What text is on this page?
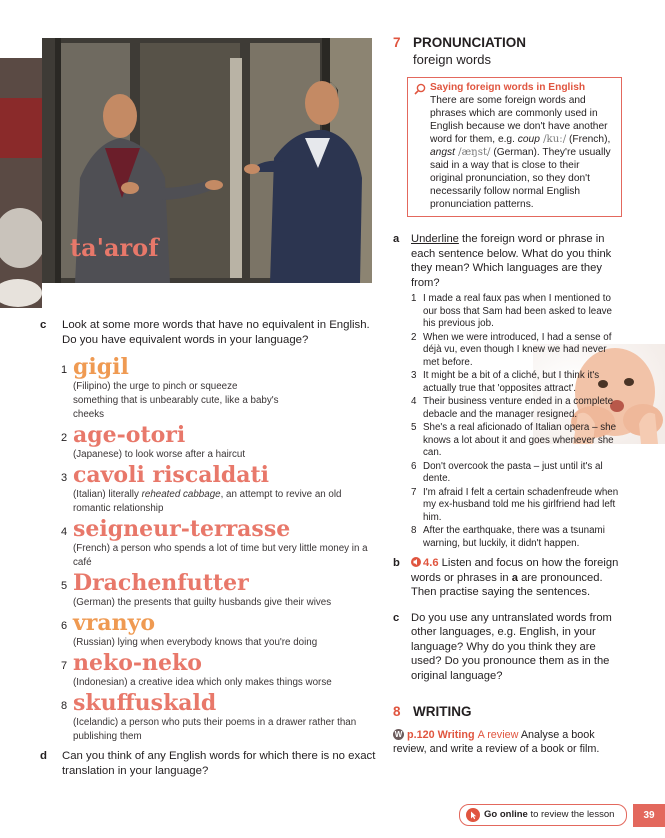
ta'arof

c Look at some more words that have no equivalent in English. Do you have equivalent words in your language?

1 gigil
(Filipino) the urge to pinch or squeeze something that is unbearably cute, like a baby's cheeks
2 age-otori
(Japanese) to look worse after a haircut
3 cavoli riscaldati
(Italian) literally reheated cabbage, an attempt to revive an old romantic relationship
4 seigneur-terrasse
(French) a person who spends a lot of time but very little money in a café
5 Drachenfutter
(German) the presents that guilty husbands give their wives
6 vranyo
(Russian) lying when everybody knows that you're doing
7 neko-neko
(Indonesian) a creative idea which only makes things worse
8 skuffuskald
(Icelandic) a person who puts their poems in a drawer rather than publishing them

d Can you think of any English words for which there is no exact translation in your language?

7 PRONUNCIATION

foreign words

Saying foreign words in English
There are some foreign words and phrases which are commonly used in English because we don't have another word for them, e.g. coup /kuː/ (French), angst /æŋst/ (German). They're usually said in a way that is close to their original pronunciation, so they don't necessarily follow normal English pronunciation patterns.

a Underline the foreign word or phrase in each sentence below. What do you think they mean? Which languages are they from?

1 I made a real faux pas when I mentioned to our boss that Sam had been asked to leave his previous job.
2 When we were introduced, I had a sense of déjà vu, even though I knew we had never met before.
3 It might be a bit of a cliché, but I think it's actually true that 'opposites attract'.
4 Their business venture ended in a complete debacle and the manager resigned.
5 She's a real aficionado of Italian opera – she knows a lot about it and goes whenever she can.
6 Don't overcook the pasta – just until it's al dente.
7 I'm afraid I felt a certain schadenfreude when my ex-husband told me his girlfriend had left him.
8 After the earthquake, there was a tsunami warning, but luckily, it didn't happen.

b 4.6 Listen and focus on how the foreign words or phrases in a are pronounced. Then practise saying the sentences.

c Do you use any untranslated words from other languages, e.g. English, in your language? Why do you think they are used? Do you pronounce them as in the original language?

8 WRITING

W p.120 Writing A review Analyse a book review, and write a review of a book or film.

Go online to review the lesson	39
